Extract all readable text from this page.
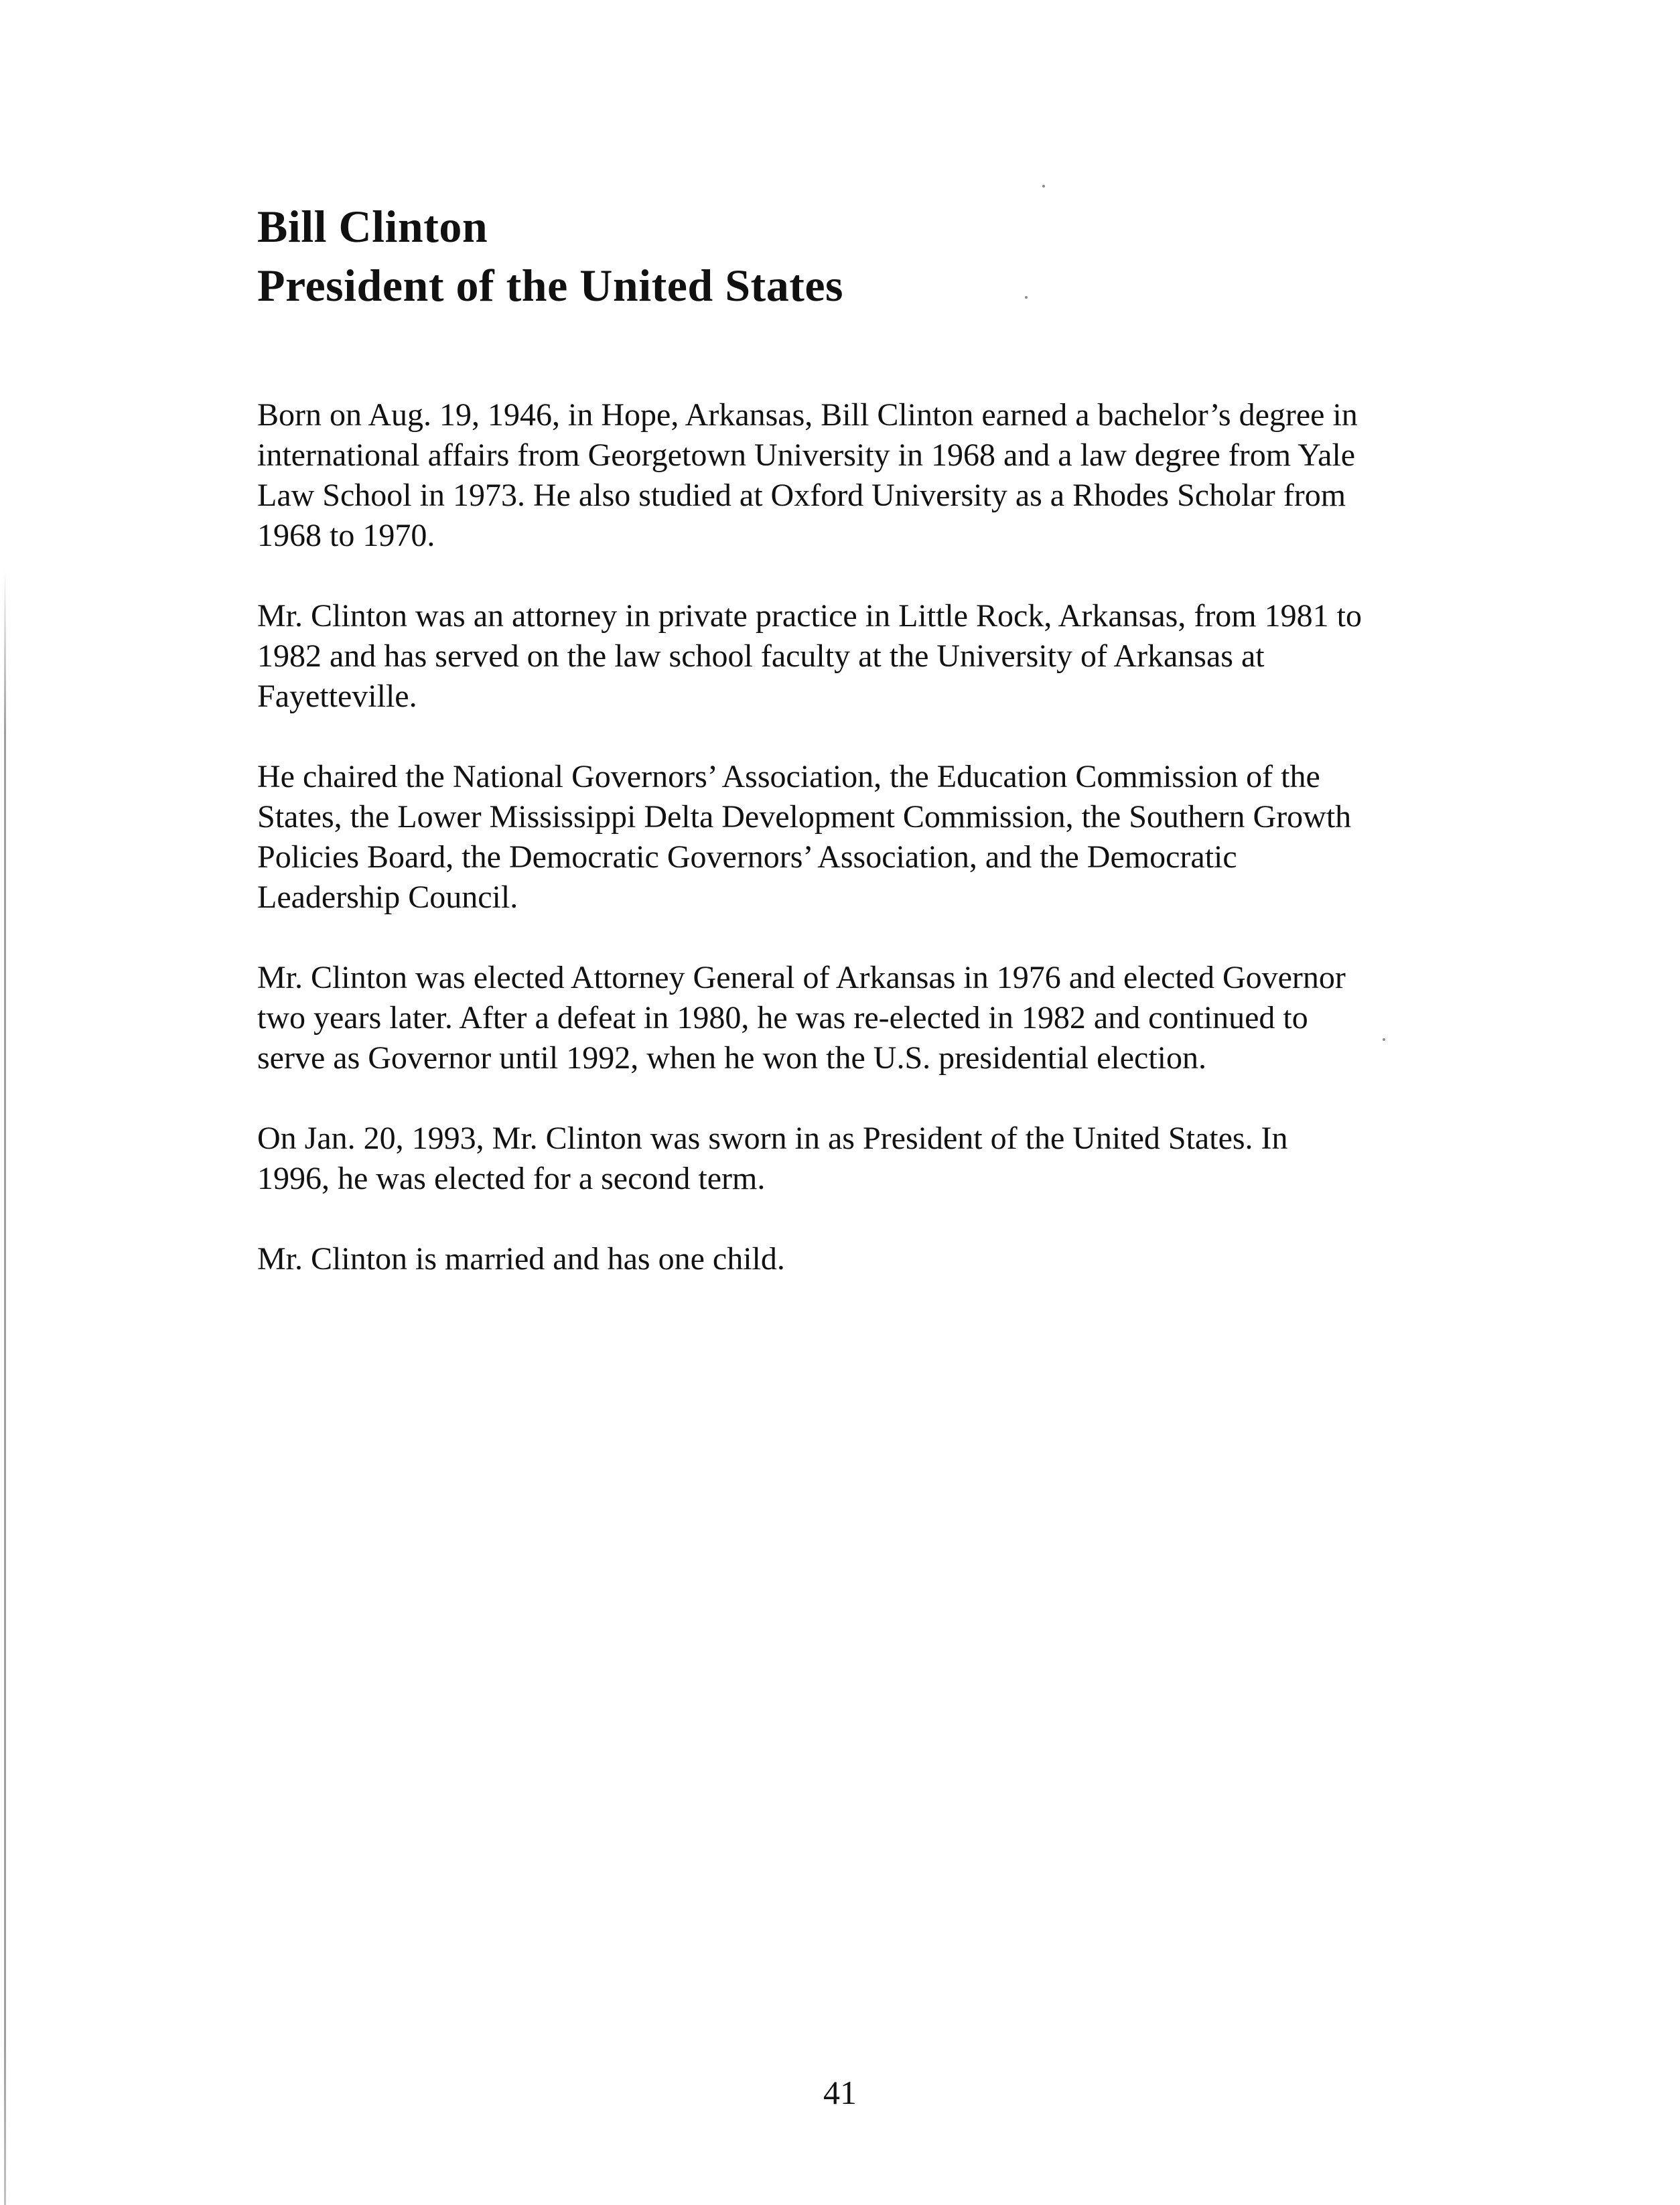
Bill Clinton
President of the United States

Born on Aug. 19, 1946, in Hope, Arkansas, Bill Clinton earned a bachelor’s degree in international affairs from Georgetown University in 1968 and a law degree from Yale Law School in 1973. He also studied at Oxford University as a Rhodes Scholar from 1968 to 1970.

Mr. Clinton was an attorney in private practice in Little Rock, Arkansas, from 1981 to 1982 and has served on the law school faculty at the University of Arkansas at Fayetteville.

He chaired the National Governors’ Association, the Education Commission of the States, the Lower Mississippi Delta Development Commission, the Southern Growth Policies Board, the Democratic Governors’ Association, and the Democratic Leadership Council.

Mr. Clinton was elected Attorney General of Arkansas in 1976 and elected Governor two years later. After a defeat in 1980, he was re-elected in 1982 and continued to serve as Governor until 1992, when he won the U.S. presidential election.

On Jan. 20, 1993, Mr. Clinton was sworn in as President of the United States. In 1996, he was elected for a second term.

Mr. Clinton is married and has one child.

41
